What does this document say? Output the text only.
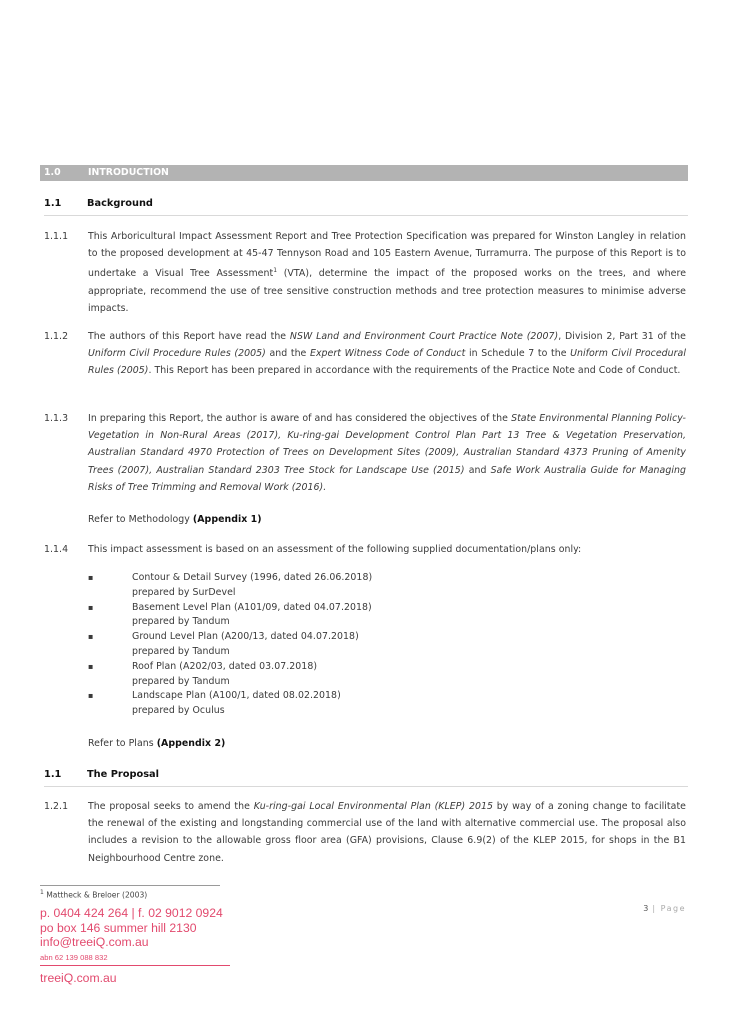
1.0	INTRODUCTION
1.1	Background
1.1.1 This Arboricultural Impact Assessment Report and Tree Protection Specification was prepared for Winston Langley in relation to the proposed development at 45-47 Tennyson Road and 105 Eastern Avenue, Turramurra. The purpose of this Report is to undertake a Visual Tree Assessment$^1$ (VTA), determine the impact of the proposed works on the trees, and where appropriate, recommend the use of tree sensitive construction methods and tree protection measures to minimise adverse impacts.
1.1.2 The authors of this Report have read the NSW Land and Environment Court Practice Note (2007), Division 2, Part 31 of the Uniform Civil Procedure Rules (2005) and the Expert Witness Code of Conduct in Schedule 7 to the Uniform Civil Procedural Rules (2005). This Report has been prepared in accordance with the requirements of the Practice Note and Code of Conduct.
1.1.3 In preparing this Report, the author is aware of and has considered the objectives of the State Environmental Planning Policy-Vegetation in Non-Rural Areas (2017), Ku-ring-gai Development Control Plan Part 13 Tree & Vegetation Preservation, Australian Standard 4970 Protection of Trees on Development Sites (2009), Australian Standard 4373 Pruning of Amenity Trees (2007), Australian Standard 2303 Tree Stock for Landscape Use (2015) and Safe Work Australia Guide for Managing Risks of Tree Trimming and Removal Work (2016).
Refer to Methodology (Appendix 1)
1.1.4 This impact assessment is based on an assessment of the following supplied documentation/plans only:
▪	Contour & Detail Survey (1996, dated 26.06.2018)
prepared by SurDevel
▪	Basement Level Plan (A101/09, dated 04.07.2018)
prepared by Tandum
▪	Ground Level Plan (A200/13, dated 04.07.2018)
prepared by Tandum
▪	Roof Plan (A202/03, dated 03.07.2018)
prepared by Tandum
▪	Landscape Plan (A100/1, dated 08.02.2018)
prepared by Oculus
Refer to Plans (Appendix 2)
1.1	The Proposal
1.2.1 The proposal seeks to amend the Ku-ring-gai Local Environmental Plan (KLEP) 2015 by way of a zoning change to facilitate the renewal of the existing and longstanding commercial use of the land with alternative commercial use. The proposal also includes a revision to the allowable gross floor area (GFA) provisions, Clause 6.9(2) of the KLEP 2015, for shops in the B1 Neighbourhood Centre zone.
$^1$ Mattheck & Breloer (2003)
3 | Page
p. 0404 424 264 | f. 02 9012 0924
po box 146 summer hill 2130
info@treeiQ.com.au
abn 62 139 088 832
treeiQ.com.au
